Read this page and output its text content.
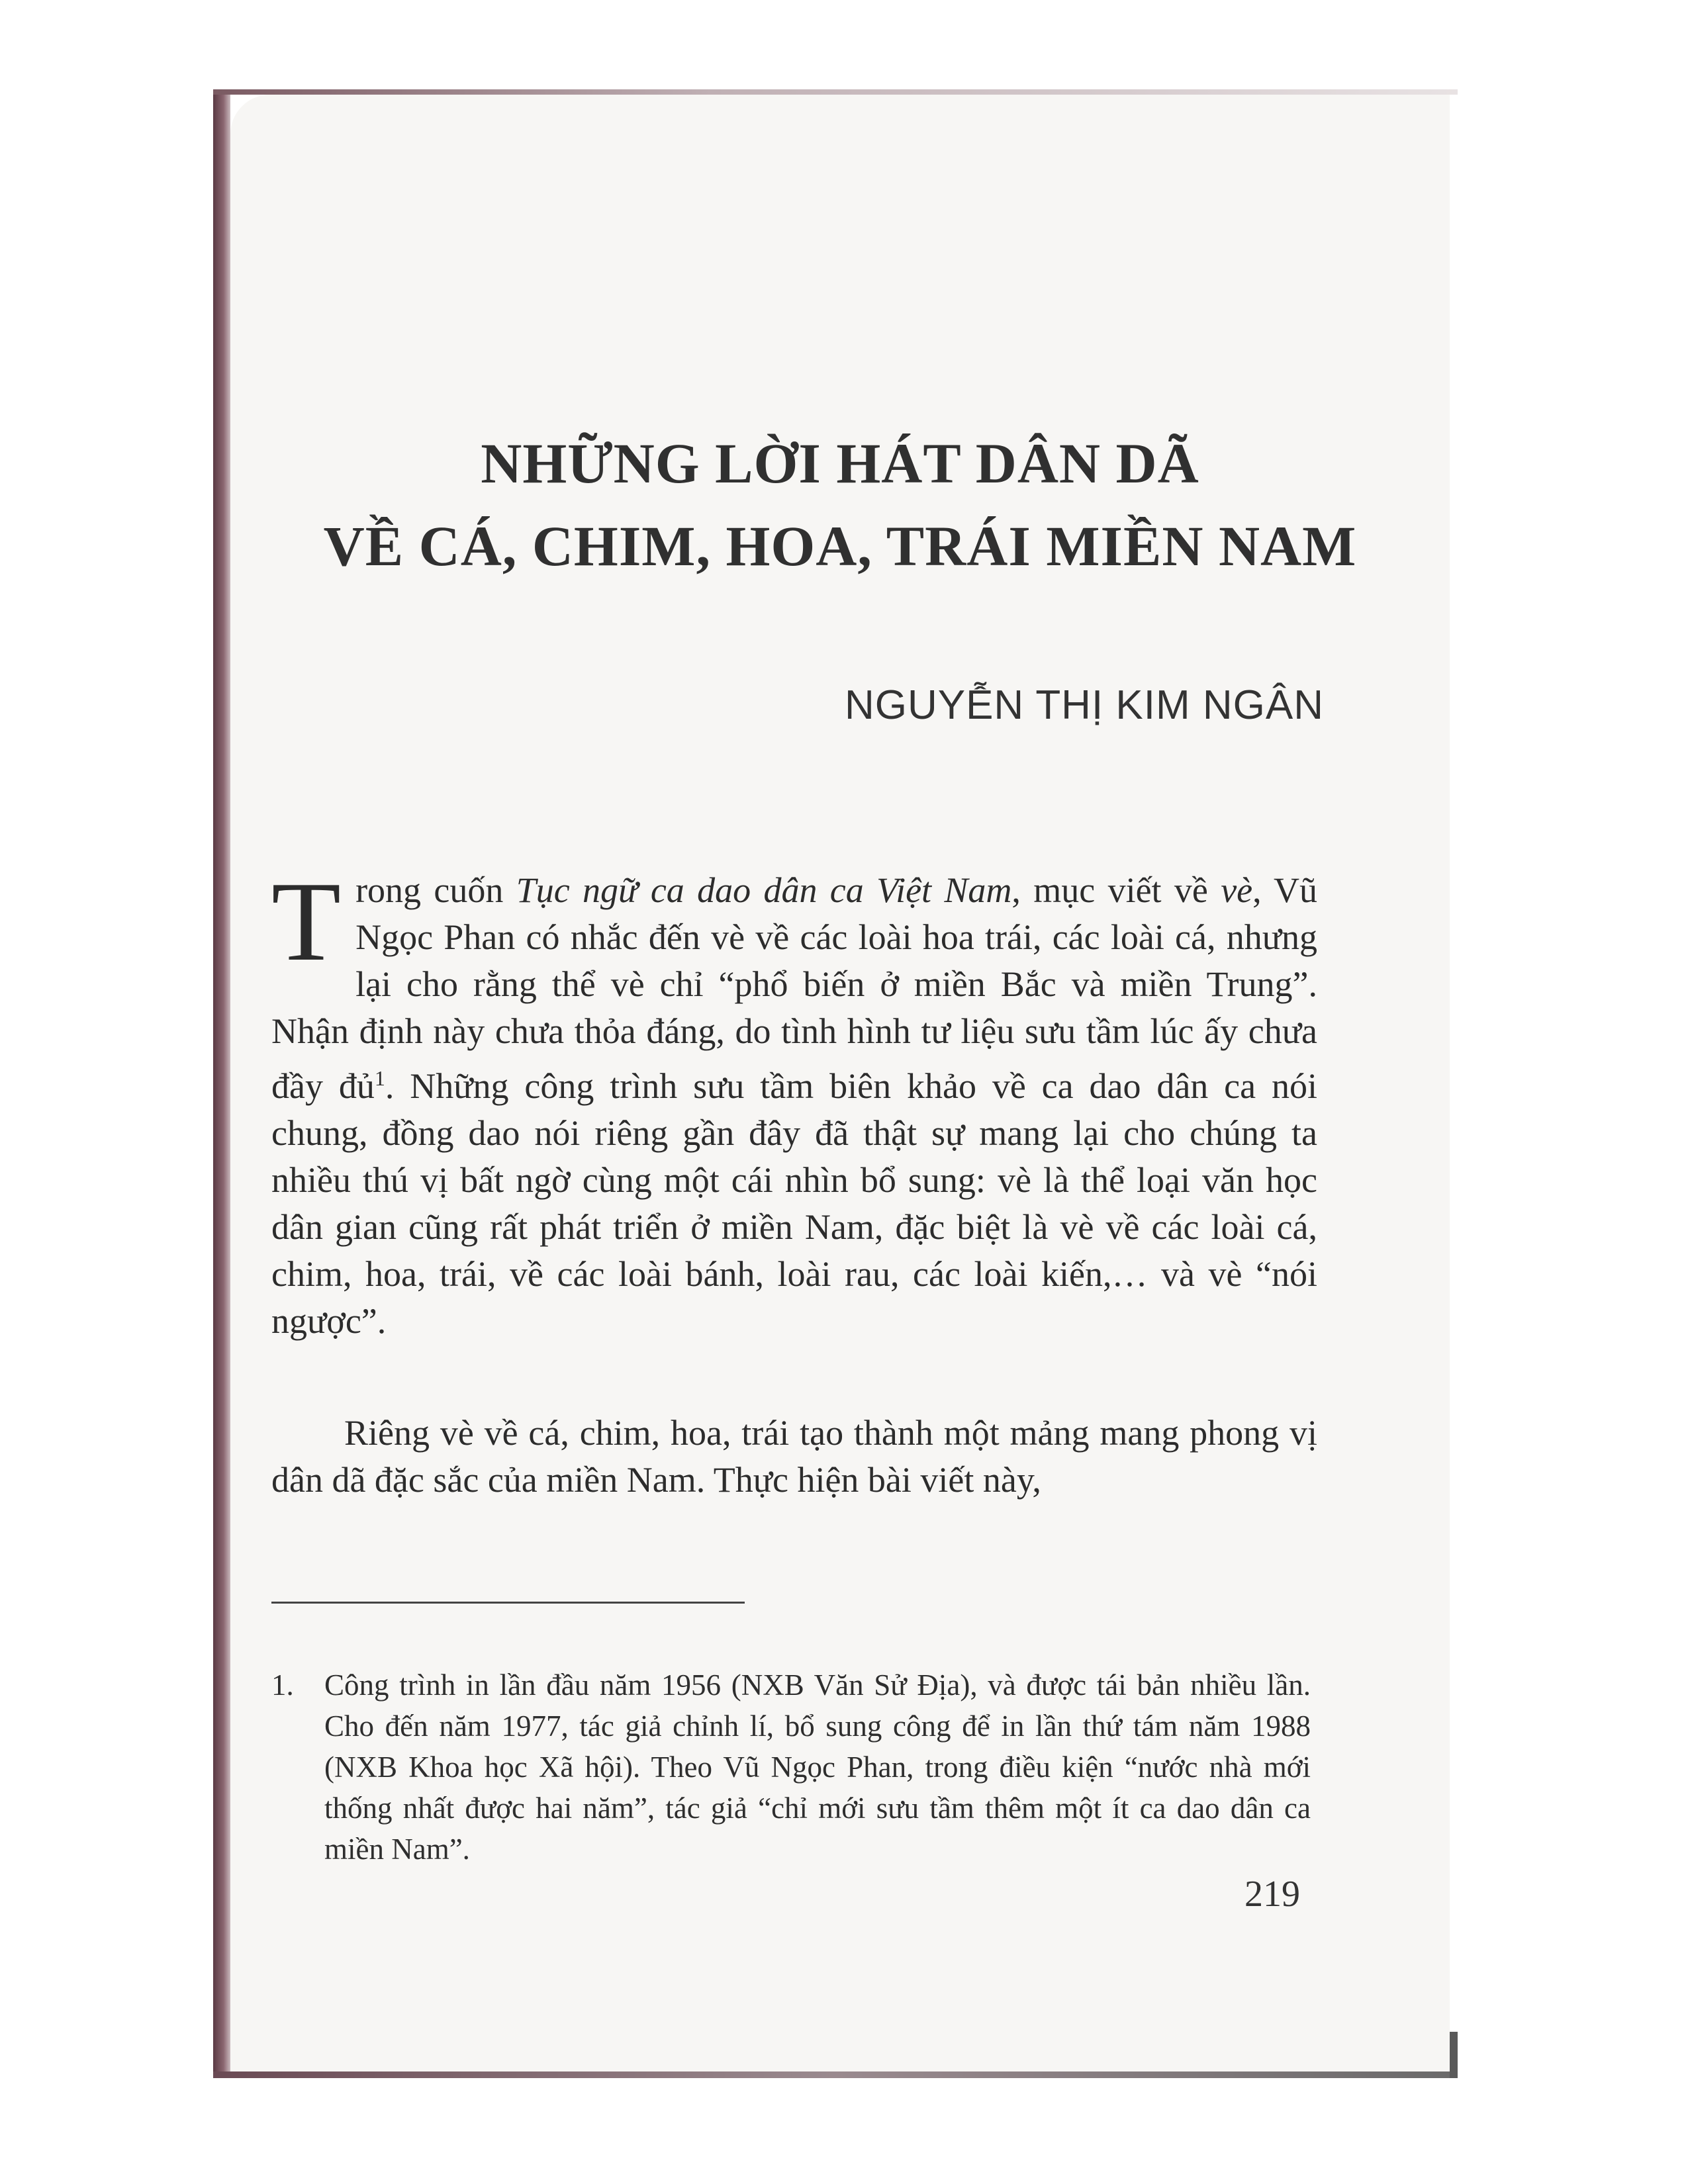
NHỮNG LỜI HÁT DÂN DÃ
VỀ CÁ, CHIM, HOA, TRÁI MIỀN NAM
NGUYỄN THỊ KIM NGÂN

Trong cuốn Tục ngữ ca dao dân ca Việt Nam, mục viết về vè, Vũ Ngọc Phan có nhắc đến vè về các loài hoa trái, các loài cá, nhưng lại cho rằng thể vè chỉ “phổ biến ở miền Bắc và miền Trung”. Nhận định này chưa thỏa đáng, do tình hình tư liệu sưu tầm lúc ấy chưa đầy đủ$^1$. Những công trình sưu tầm biên khảo về ca dao dân ca nói chung, đồng dao nói riêng gần đây đã thật sự mang lại cho chúng ta nhiều thú vị bất ngờ cùng một cái nhìn bổ sung: vè là thể loại văn học dân gian cũng rất phát triển ở miền Nam, đặc biệt là vè về các loài cá, chim, hoa, trái, về các loài bánh, loài rau, các loài kiến,… và vè “nói ngược”.

Riêng vè về cá, chim, hoa, trái tạo thành một mảng mang phong vị dân dã đặc sắc của miền Nam. Thực hiện bài viết này,

1.	Công trình in lần đầu năm 1956 (NXB Văn Sử Địa), và được tái bản nhiều lần. Cho đến năm 1977, tác giả chỉnh lí, bổ sung công để in lần thứ tám năm 1988 (NXB Khoa học Xã hội). Theo Vũ Ngọc Phan, trong điều kiện “nước nhà mới thống nhất được hai năm”, tác giả “chỉ mới sưu tầm thêm một ít ca dao dân ca miền Nam”.

219
